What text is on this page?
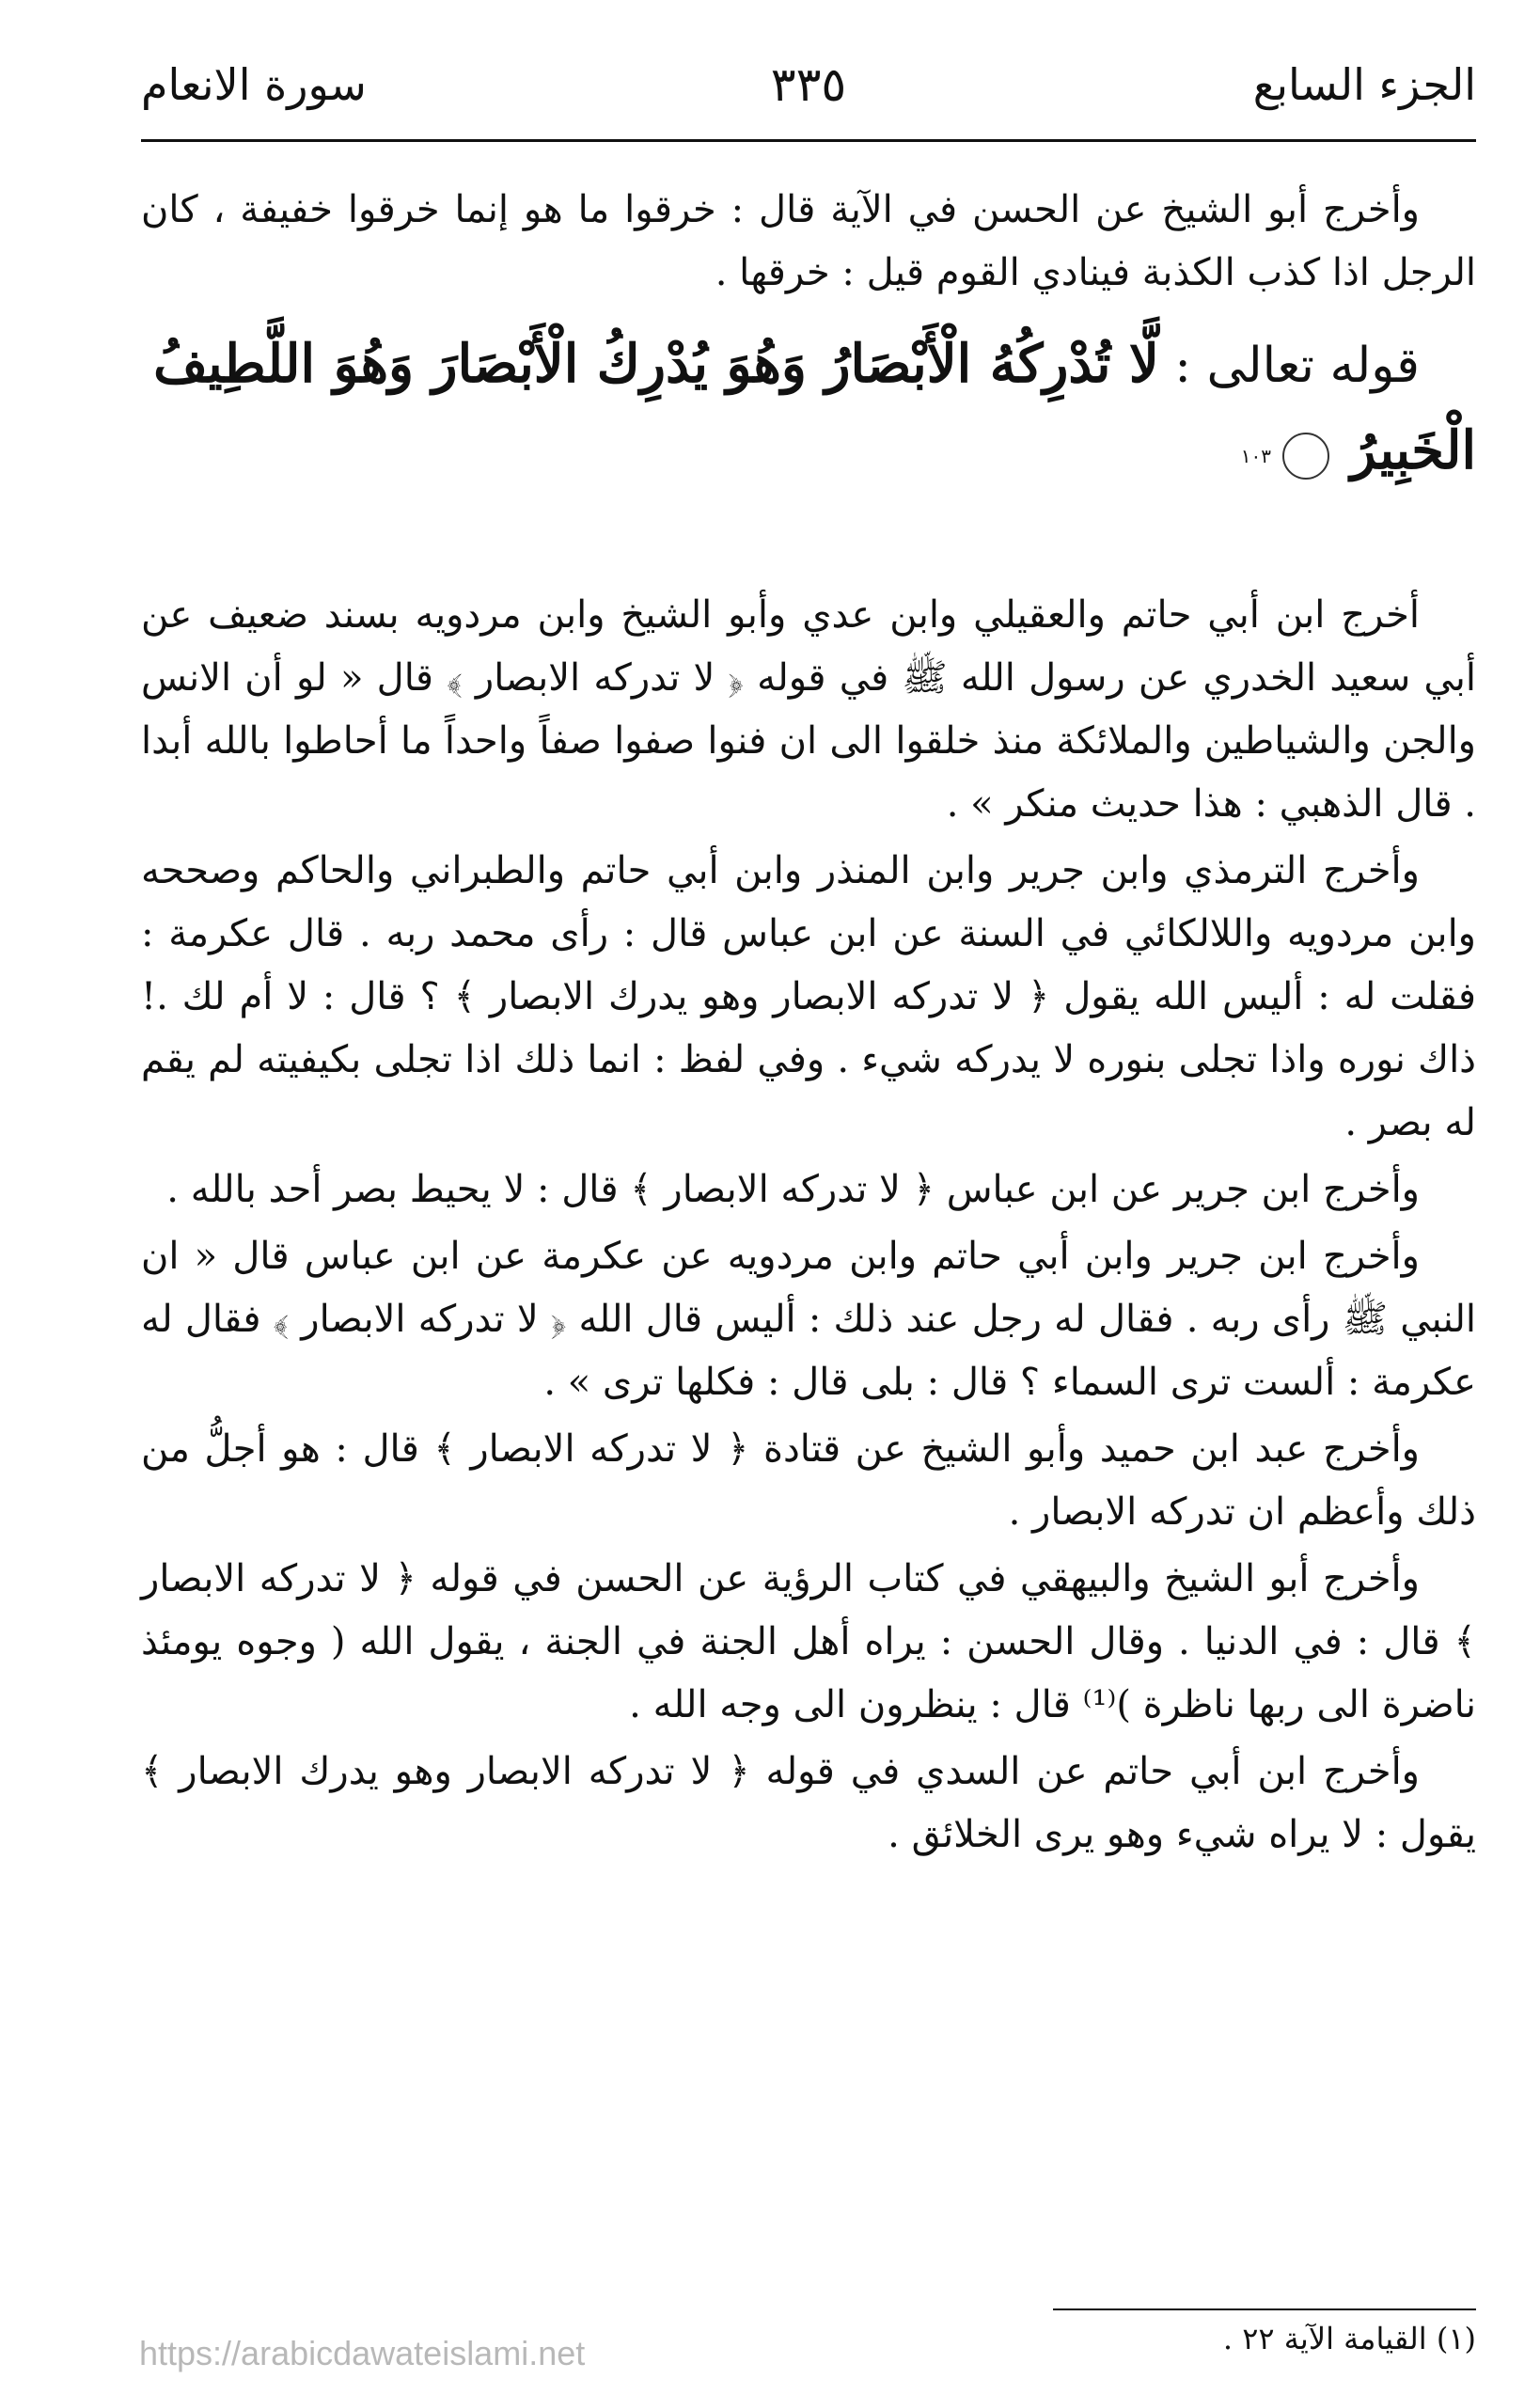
الجزء السابع
٣٣٥
سورة الانعام

وأخرج أبو الشيخ عن الحسن في الآية قال : خرقوا ما هو إنما خرقوا خفيفة ، كان الرجل اذا كذب الكذبة فينادي القوم قيل : خرقها .

قوله تعالى : لَّا تُدْرِكُهُ الْأَبْصَارُ وَهُوَ يُدْرِكُ الْأَبْصَارَ وَهُوَ اللَّطِيفُ الْخَبِيرُ ١٠٣

أخرج ابن أبي حاتم والعقيلي وابن عدي وأبو الشيخ وابن مردويه بسند ضعيف عن أبي سعيد الخدري عن رسول الله ﷺ في قوله ﴿ لا تدركه الابصار ﴾ قال « لو أن الانس والجن والشياطين والملائكة منذ خلقوا الى ان فنوا صفوا صفاً واحداً ما أحاطوا بالله أبدا . قال الذهبي : هذا حديث منكر » .

وأخرج الترمذي وابن جرير وابن المنذر وابن أبي حاتم والطبراني والحاكم وصححه وابن مردويه واللالكائي في السنة عن ابن عباس قال : رأى محمد ربه . قال عكرمة : فقلت له : أليس الله يقول ﴿ لا تدركه الابصار وهو يدرك الابصار ﴾ ؟ قال : لا أم لك .! ذاك نوره واذا تجلى بنوره لا يدركه شيء . وفي لفظ : انما ذلك اذا تجلى بكيفيته لم يقم له بصر .

وأخرج ابن جرير عن ابن عباس ﴿ لا تدركه الابصار ﴾ قال : لا يحيط بصر أحد بالله .

وأخرج ابن جرير وابن أبي حاتم وابن مردويه عن عكرمة عن ابن عباس قال « ان النبي ﷺ رأى ربه . فقال له رجل عند ذلك : أليس قال الله ﴿ لا تدركه الابصار ﴾ فقال له عكرمة : ألست ترى السماء ؟ قال : بلى قال : فكلها ترى » .

وأخرج عبد ابن حميد وأبو الشيخ عن قتادة ﴿ لا تدركه الابصار ﴾ قال : هو أجلُّ من ذلك وأعظم ان تدركه الابصار .

وأخرج أبو الشيخ والبيهقي في كتاب الرؤية عن الحسن في قوله ﴿ لا تدركه الابصار ﴾ قال : في الدنيا . وقال الحسن : يراه أهل الجنة في الجنة ، يقول الله ( وجوه يومئذ ناضرة الى ربها ناظرة )⁽¹⁾ قال : ينظرون الى وجه الله .

وأخرج ابن أبي حاتم عن السدي في قوله ﴿ لا تدركه الابصار وهو يدرك الابصار ﴾ يقول : لا يراه شيء وهو يرى الخلائق .

(١) القيامة الآية ٢٢ .
https://arabicdawateislami.net
